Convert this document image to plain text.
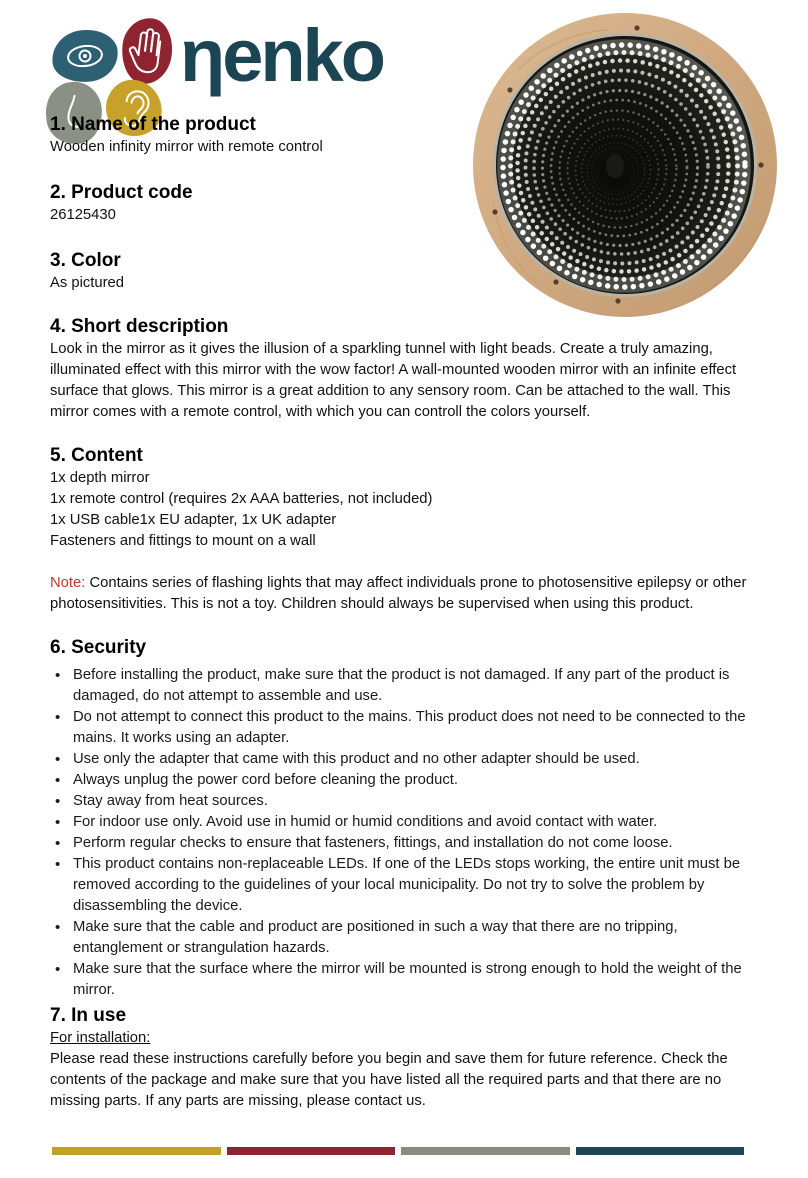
ηenko
1. Name of the product

Wooden infinity mirror with remote control

2. Product code

26125430

3. Color

As pictured

4. Short description

Look in the mirror as it gives the illusion of a sparkling tunnel with light beads. Create a truly amazing, illuminated effect with this mirror with the wow factor! A wall-mounted wooden mirror with an infinite effect surface that glows. This mirror is a great addition to any sensory room. Can be attached to the wall. This mirror comes with a remote control, with which you can controll the colors yourself.

5. Content

1x depth mirror

1x remote control (requires 2x AAA batteries, not included)

1x USB cable1x EU adapter, 1x UK adapter

Fasteners and fittings to mount on a wall

Note: Contains series of flashing lights that may affect individuals prone to photosensitive epilepsy or other photosensitivities. This is not a toy. Children should always be supervised when using this product.

6. Security
• Before installing the product, make sure that the product is not damaged. If any part of the product is damaged, do not attempt to assemble and use.
• Do not attempt to connect this product to the mains. This product does not need to be connected to the mains. It works using an adapter.
• Use only the adapter that came with this product and no other adapter should be used.
• Always unplug the power cord before cleaning the product.
• Stay away from heat sources.
• For indoor use only. Avoid use in humid or humid conditions and avoid contact with water.
• Perform regular checks to ensure that fasteners, fittings, and installation do not come loose.
• This product contains non-replaceable LEDs. If one of the LEDs stops working, the entire unit must be removed according to the guidelines of your local municipality. Do not try to solve the problem by disassembling the device.
• Make sure that the cable and product are positioned in such a way that there are no tripping, entanglement or strangulation hazards.
• Make sure that the surface where the mirror will be mounted is strong enough to hold the weight of the mirror.
7. In use

For installation:

Please read these instructions carefully before you begin and save them for future reference. Check the contents of the package and make sure that you have listed all the required parts and that there are no missing parts. If any parts are missing, please contact us.
